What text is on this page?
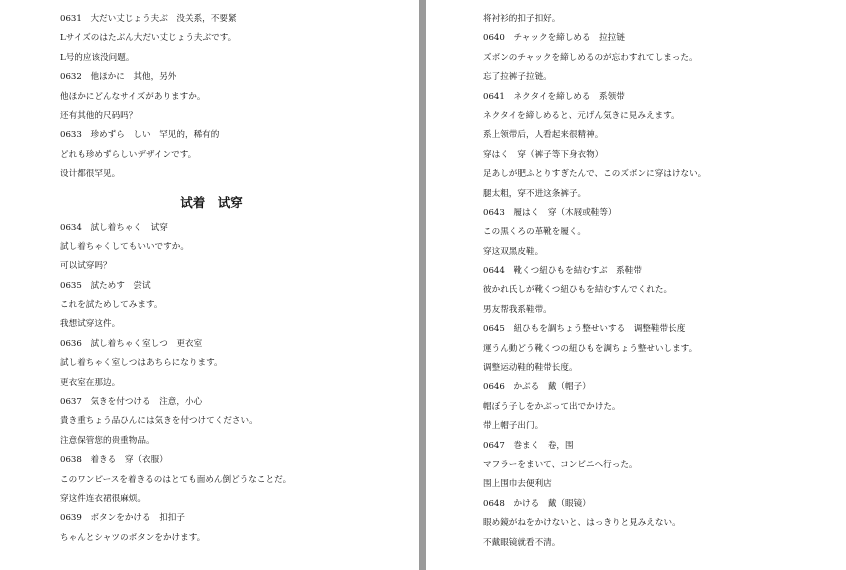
0631　大だい丈じょう夫ぶ　没关系，不要紧
Lサイズのはたぶん大だい丈じょう夫ぶです。
L号的应该没问题。
0632　他ほかに　其他，另外
他ほかにどんなサイズがありますか。
还有其他的尺码吗？
0633　珍めずら　しい　罕见的，稀有的
どれも珍めずらしいデザインです。
设计都很罕见。
试着　试穿
0634　試し着ちゃく　试穿
試し着ちゃくしてもいいですか。
可以试穿吗？
0635　試ためす　尝试
これを試ためしてみます。
我想试穿这件。
0636　試し着ちゃく室しつ　更衣室
試し着ちゃく室しつはあちらになります。
更衣室在那边。
0637　気きを付つける　注意，小心
貴き重ちょう品ひんには気きを付つけてください。
注意保管您的贵重物品。
0638　着きる　穿（衣服）
このワンピースを着きるのはとても面めん倒どうなことだ。
穿这件连衣裙很麻烦。
0639　ボタンをかける　扣扣子
ちゃんとシャツのボタンをかけます。
将衬衫的扣子扣好。
0640　チャックを締しめる　拉拉链
ズボンのチャックを締しめるのが忘わすれてしまった。
忘了拉裤子拉链。
0641　ネクタイを締しめる　系领带
ネクタイを締しめると、元げん気きに見みえます。
系上领带后，人看起来很精神。
穿はく　穿（裤子等下身衣物）
足あしが肥ふとりすぎたんで、このズボンに穿はけない。
腿太粗，穿不进这条裤子。
0643　履はく　穿（木屐或鞋等）
この黒くろの革靴を履く。
穿这双黑皮鞋。
0644　靴くつ紐ひもを結むすぶ　系鞋带
彼かれ氏しが靴くつ紐ひもを結むすんでくれた。
男友帮我系鞋带。
0645　紐ひもを調ちょう整せいする　调整鞋带长度
運うん動どう靴くつの紐ひもを調ちょう整せいします。
调整运动鞋的鞋带长度。
0646　かぶる　戴（帽子）
帽ぼう子しをかぶって出でかけた。
带上帽子出门。
0647　巻まく　卷，围
マフラーをまいて、コンビニへ行った。
围上围巾去便利店
0648　かける　戴（眼镜）
眼め鏡がねをかけないと、はっきりと見みえない。
不戴眼镜就看不清。
